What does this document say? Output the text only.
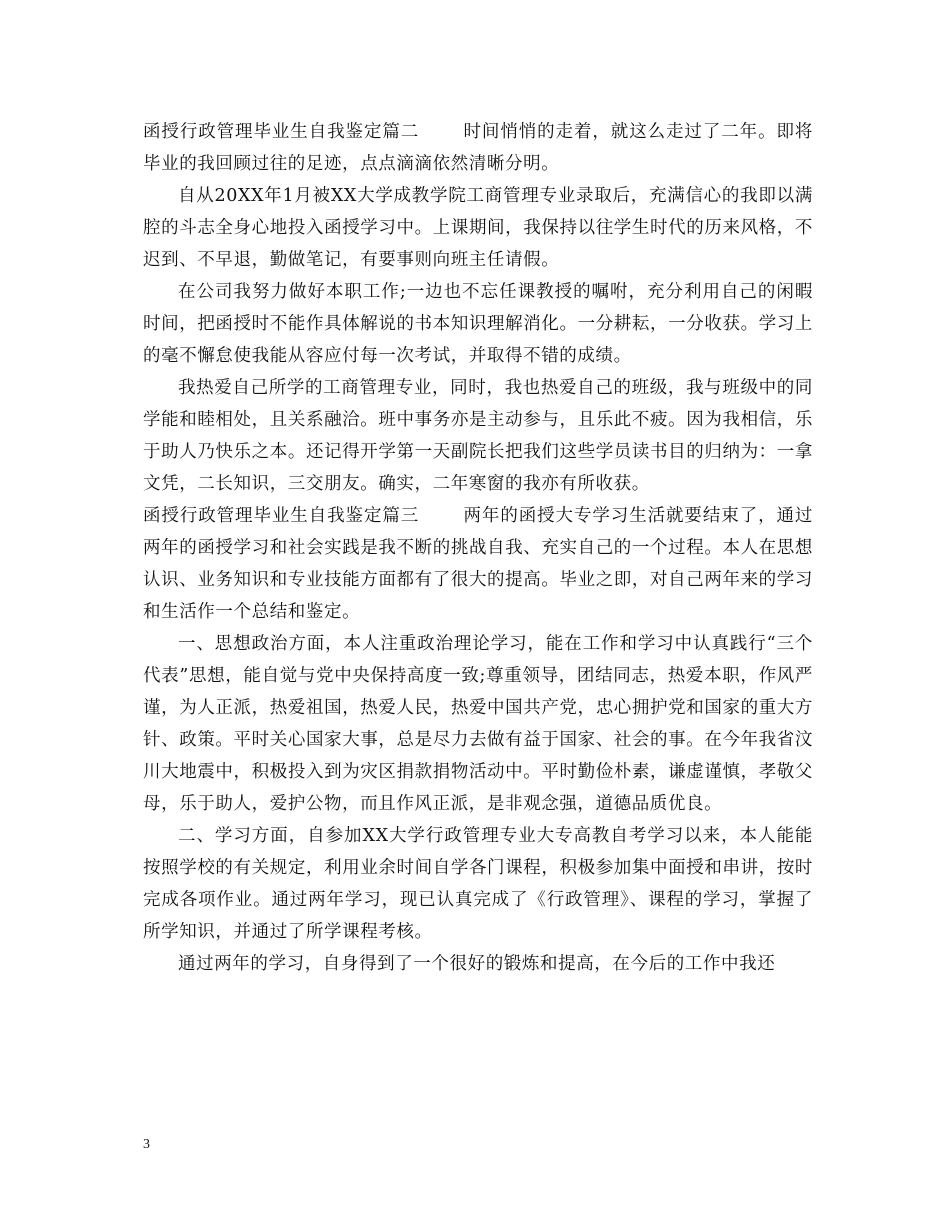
函授行政管理毕业生自我鉴定篇二	时间悄悄的走着，就这么走过了二年。即将毕业的我回顾过往的足迹，点点滴滴依然清晰分明。

自从20XX年1月被XX大学成教学院工商管理专业录取后，充满信心的我即以满腔的斗志全身心地投入函授学习中。上课期间，我保持以往学生时代的历来风格，不迟到、不早退，勤做笔记，有要事则向班主任请假。

在公司我努力做好本职工作;一边也不忘任课教授的嘱咐，充分利用自己的闲暇时间，把函授时不能作具体解说的书本知识理解消化。一分耕耘，一分收获。学习上的毫不懈怠使我能从容应付每一次考试，并取得不错的成绩。

我热爱自己所学的工商管理专业，同时，我也热爱自己的班级，我与班级中的同学能和睦相处，且关系融洽。班中事务亦是主动参与，且乐此不疲。因为我相信，乐于助人乃快乐之本。还记得开学第一天副院长把我们这些学员读书目的归纳为：一拿文凭，二长知识，三交朋友。确实，二年寒窗的我亦有所收获。

函授行政管理毕业生自我鉴定篇三	两年的函授大专学习生活就要结束了，通过两年的函授学习和社会实践是我不断的挑战自我、充实自己的一个过程。本人在思想认识、业务知识和专业技能方面都有了很大的提高。毕业之即，对自己两年来的学习和生活作一个总结和鉴定。

一、思想政治方面，本人注重政治理论学习，能在工作和学习中认真践行“三个代表”思想，能自觉与党中央保持高度一致;尊重领导，团结同志，热爱本职，作风严谨，为人正派，热爱祖国，热爱人民，热爱中国共产党，忠心拥护党和国家的重大方针、政策。平时关心国家大事，总是尽力去做有益于国家、社会的事。在今年我省汶川大地震中，积极投入到为灾区捐款捐物活动中。平时勤俭朴素，谦虚谨慎，孝敬父母，乐于助人，爱护公物，而且作风正派，是非观念强，道德品质优良。

二、学习方面，自参加XX大学行政管理专业大专高教自考学习以来，本人能能按照学校的有关规定，利用业余时间自学各门课程，积极参加集中面授和串讲，按时完成各项作业。通过两年学习，现已认真完成了《行政管理》、课程的学习，掌握了所学知识，并通过了所学课程考核。

通过两年的学习，自身得到了一个很好的锻炼和提高，在今后的工作中我还

3
